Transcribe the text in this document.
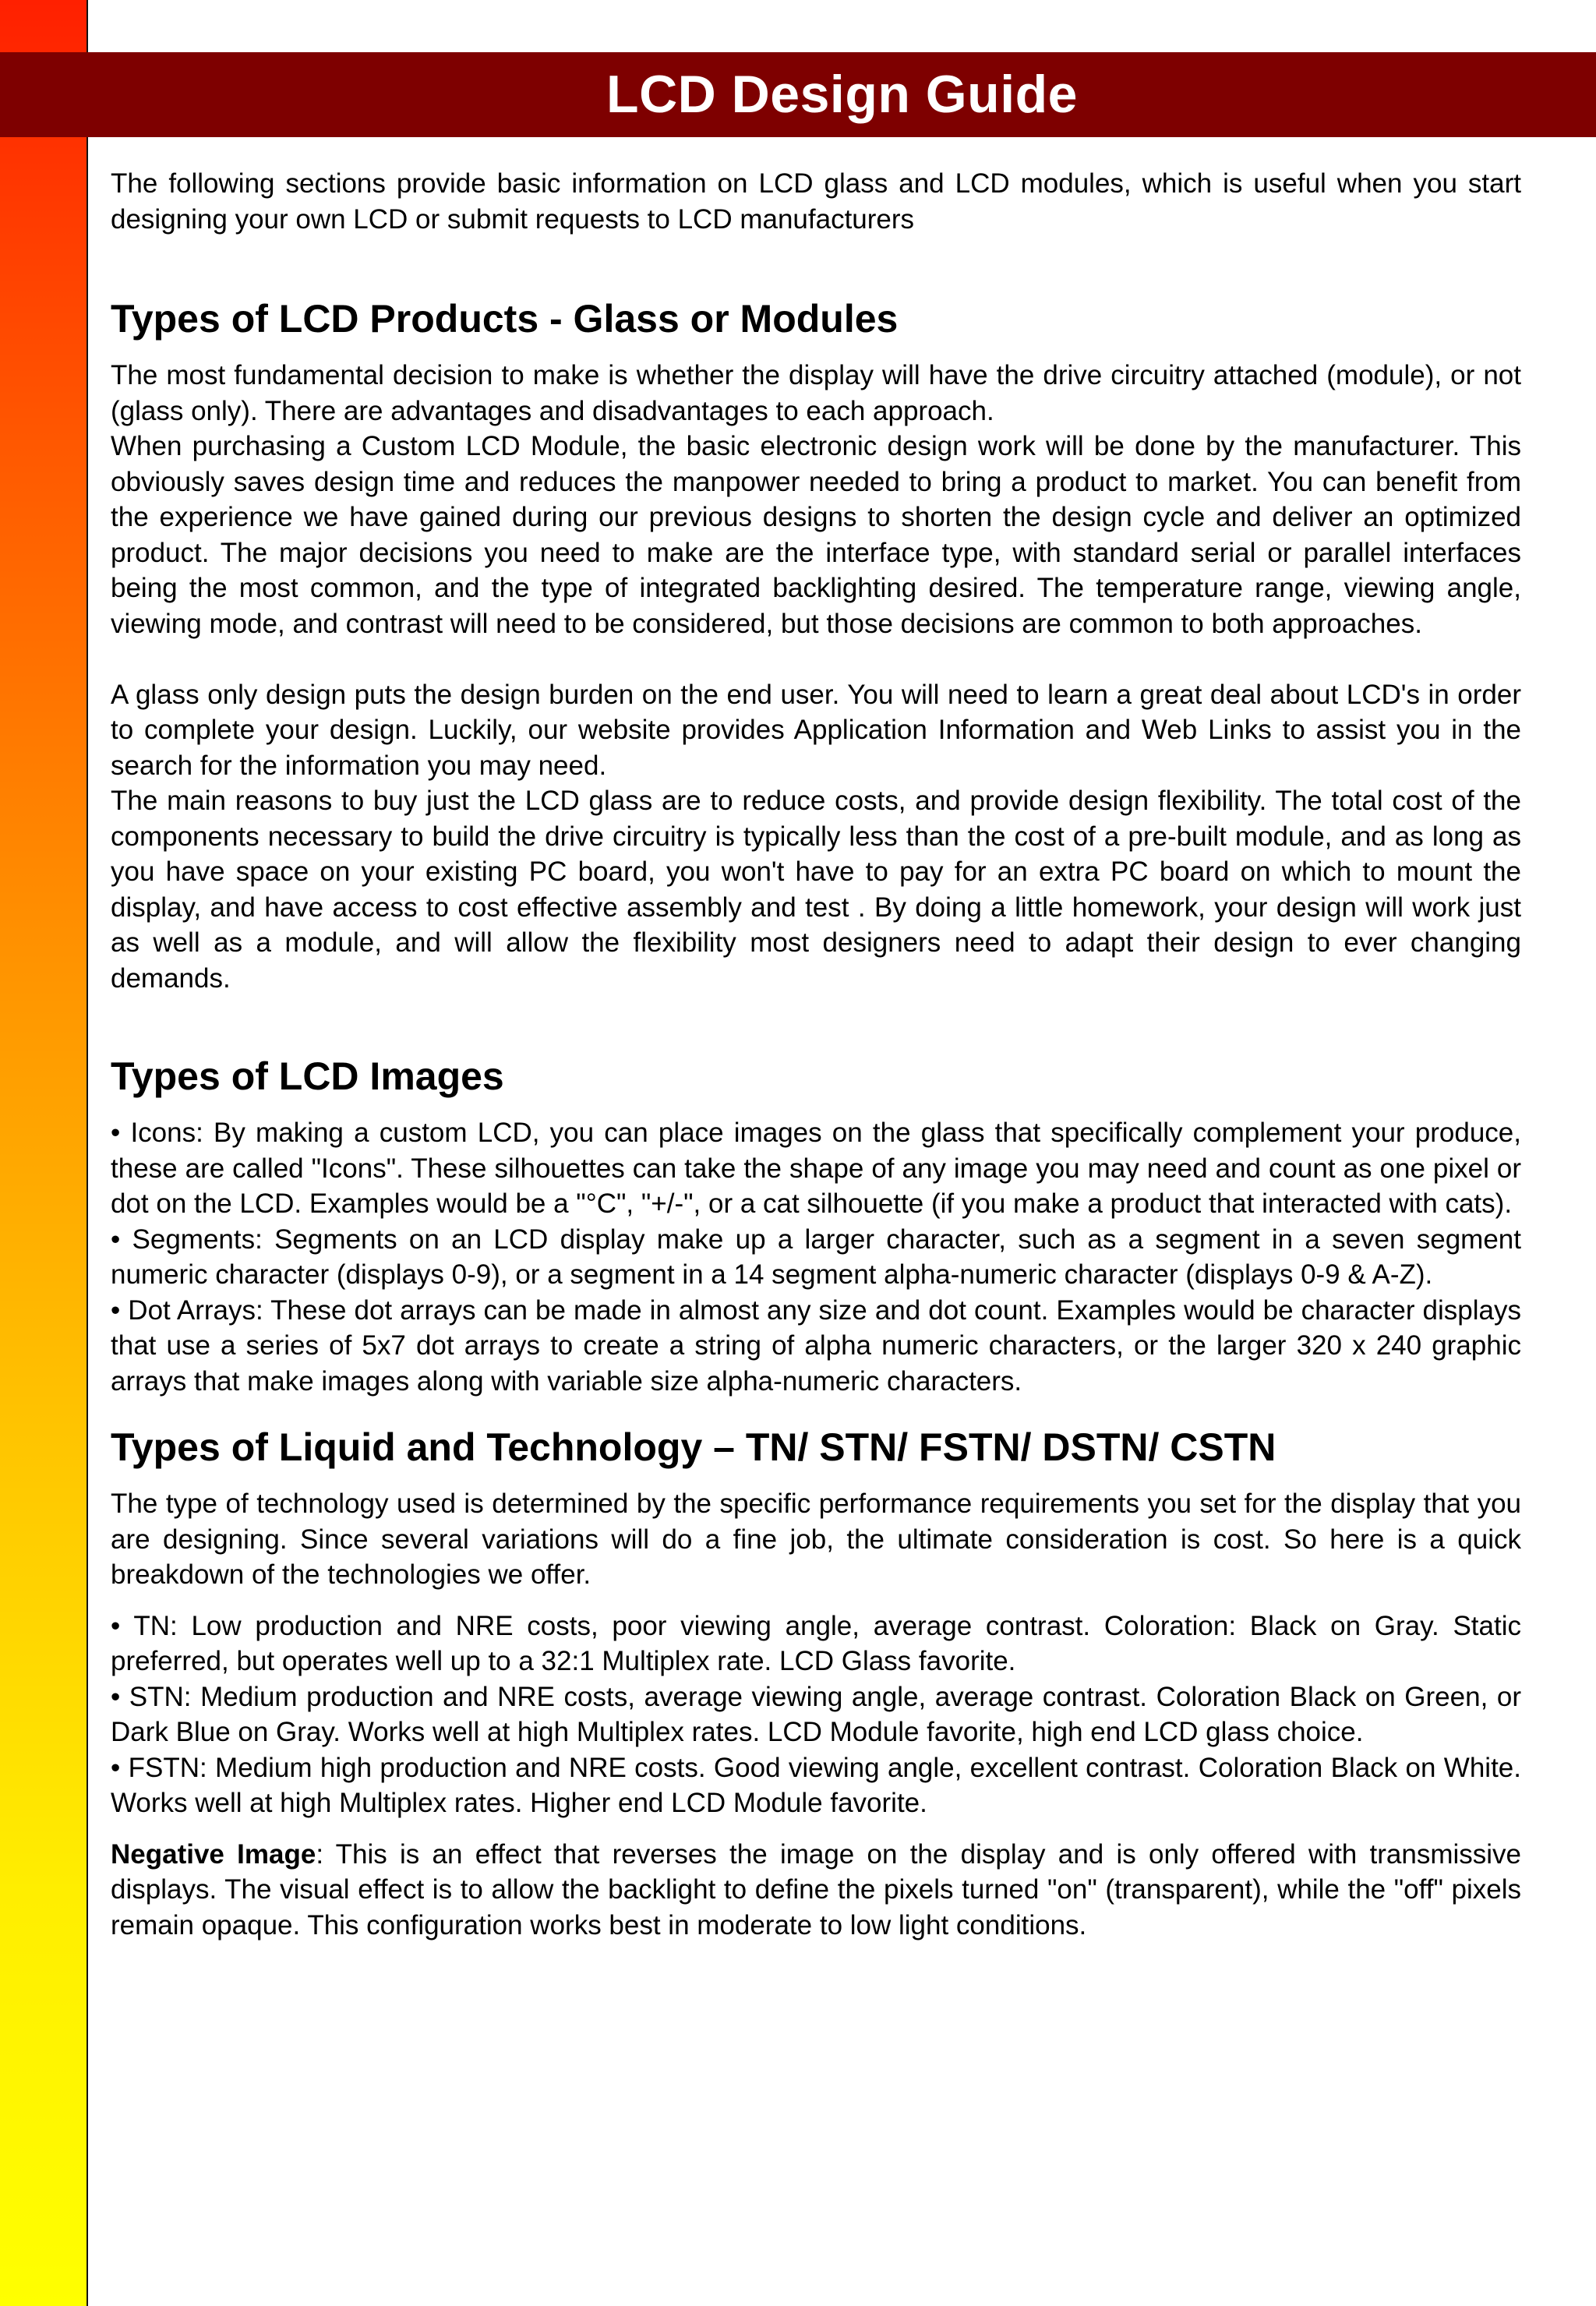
LCD Design Guide

The following sections provide basic information on LCD glass and LCD modules, which is useful when you start designing your own LCD or submit requests to LCD manufacturers

Types of LCD Products - Glass or Modules

The most fundamental decision to make is whether the display will have the drive circuitry attached (module), or not (glass only). There are advantages and disadvantages to each approach.

When purchasing a Custom LCD Module, the basic electronic design work will be done by the manufacturer. This obviously saves design time and reduces the manpower needed to bring a product to market. You can benefit from the experience we have gained during our previous designs to shorten the design cycle and deliver an optimized product. The major decisions you need to make are the interface type, with standard serial or parallel interfaces being the most common, and the type of integrated backlighting desired. The temperature range, viewing angle, viewing mode, and contrast will need to be considered, but those decisions are common to both approaches.

A glass only design puts the design burden on the end user. You will need to learn a great deal about LCD's in order to complete your design. Luckily, our website provides Application Information and Web Links to assist you in the search for the information you may need.

The main reasons to buy just the LCD glass are to reduce costs, and provide design flexibility. The total cost of the components necessary to build the drive circuitry is typically less than the cost of a pre-built module, and as long as you have space on your existing PC board, you won't have to pay for an extra PC board on which to mount the display, and have access to cost effective assembly and test . By doing a little homework, your design will work just as well as a module, and will allow the flexibility most designers need to adapt their design to ever changing demands.

Types of LCD Images

• Icons: By making a custom LCD, you can place images on the glass that specifically complement your produce, these are called "Icons". These silhouettes can take the shape of any image you may need and count as one pixel or dot on the LCD. Examples would be a "°C", "+/-", or a cat silhouette (if you make a product that interacted with cats).

• Segments: Segments on an LCD display make up a larger character, such as a segment in a seven segment numeric character (displays 0-9), or a segment in a 14 segment alpha-numeric character (displays 0-9 & A-Z).

• Dot Arrays: These dot arrays can be made in almost any size and dot count. Examples would be character displays that use a series of 5x7 dot arrays to create a string of alpha numeric characters, or the larger 320 x 240 graphic arrays that make images along with variable size alpha-numeric characters.

Types of Liquid and Technology – TN/ STN/ FSTN/ DSTN/ CSTN

The type of technology used is determined by the specific performance requirements you set for the display that you are designing. Since several variations will do a fine job, the ultimate consideration is cost. So here is a quick breakdown of the technologies we offer.

• TN: Low production and NRE costs, poor viewing angle, average contrast. Coloration: Black on Gray. Static preferred, but operates well up to a 32:1 Multiplex rate. LCD Glass favorite.

• STN: Medium production and NRE costs, average viewing angle, average contrast. Coloration Black on Green, or Dark Blue on Gray. Works well at high Multiplex rates. LCD Module favorite, high end LCD glass choice.

• FSTN: Medium high production and NRE costs. Good viewing angle, excellent contrast. Coloration Black on White. Works well at high Multiplex rates. Higher end LCD Module favorite.

Negative Image: This is an effect that reverses the image on the display and is only offered with transmissive displays. The visual effect is to allow the backlight to define the pixels turned "on" (transparent), while the "off" pixels remain opaque. This configuration works best in moderate to low light conditions.
